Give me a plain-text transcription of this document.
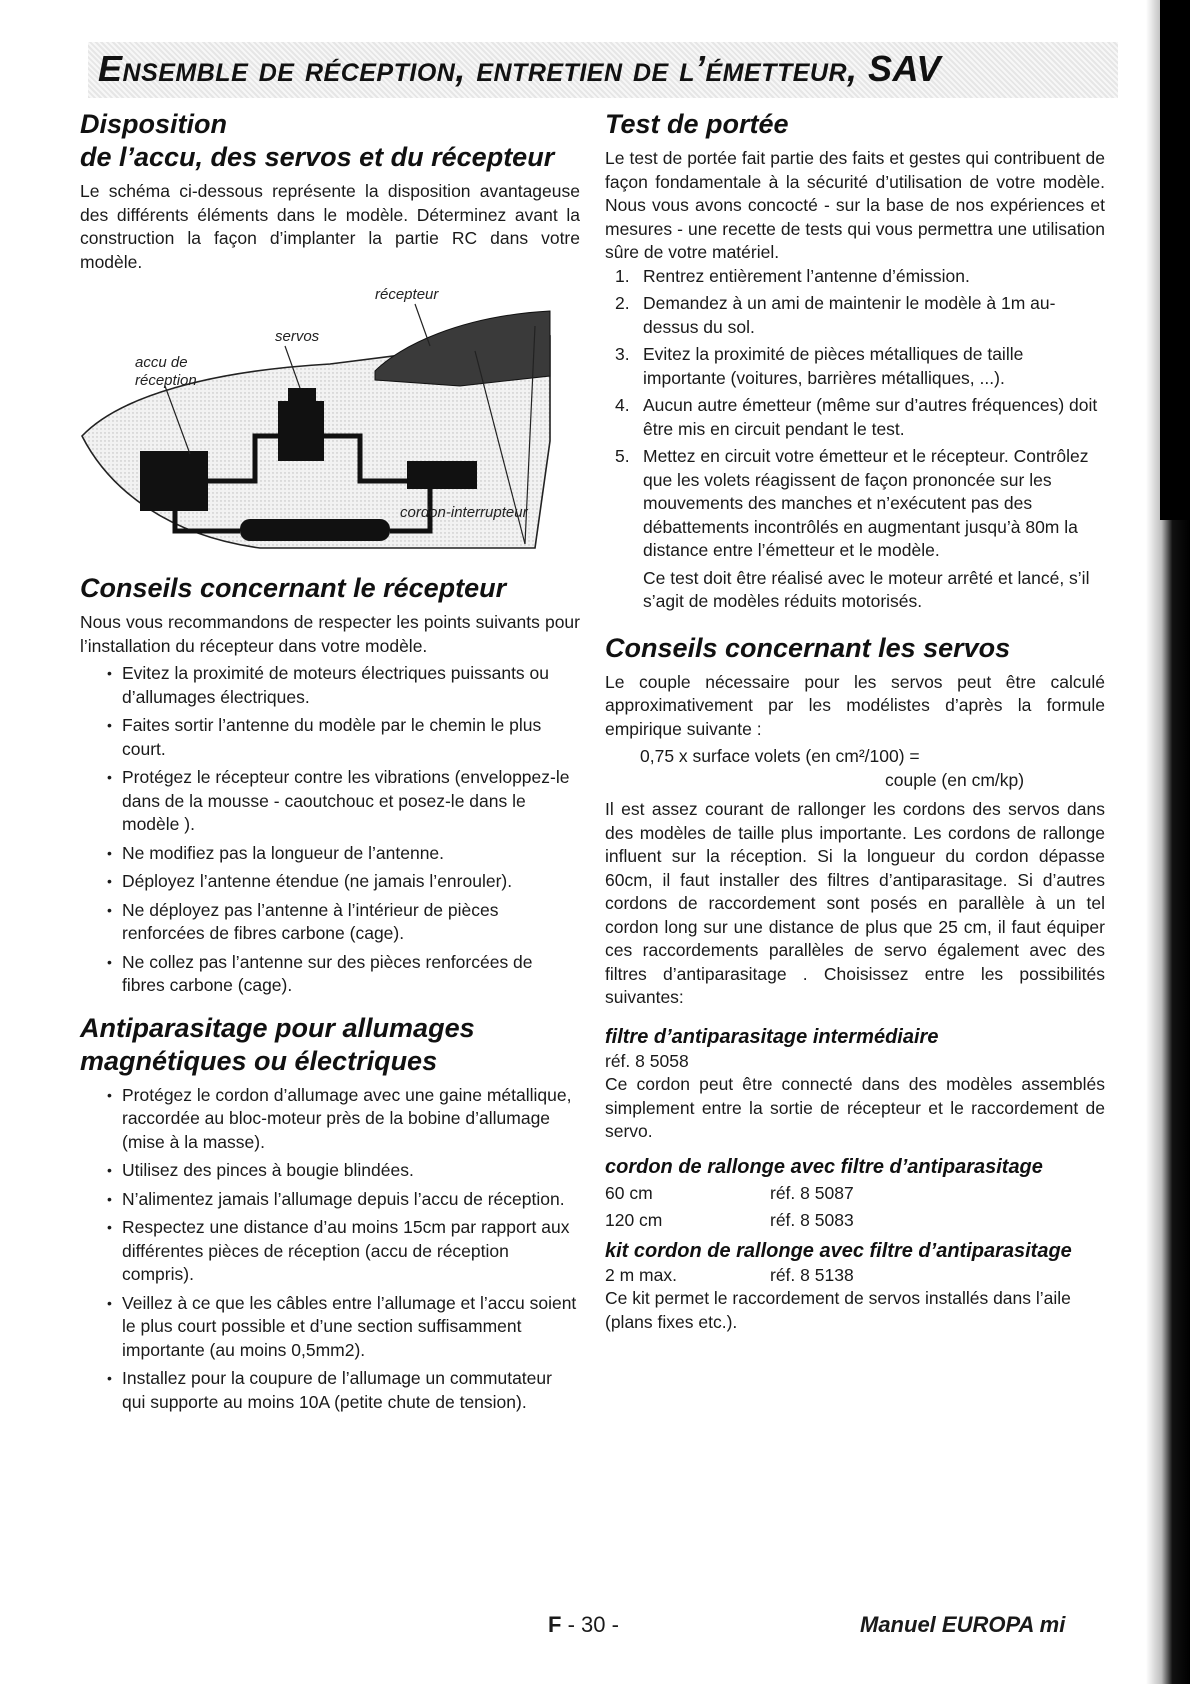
Ensemble de réception, entretien de l’émetteur, SAV
Disposition
de l’accu, des servos et du récepteur

Le schéma ci-dessous représente la disposition avantageuse des différents éléments dans le modèle. Déterminez avant la construction la façon d’implanter la partie RC dans votre modèle.

récepteur
servos
accu de
réception
cordon-interrupteur
Conseils concernant le récepteur

Nous vous recommandons de respecter les points suivants pour l’installation du récepteur dans votre modèle.

• Evitez la proximité de moteurs électriques puissants ou d’allumages électriques.
• Faites sortir l’antenne du modèle par le chemin le plus court.
• Protégez le récepteur contre les vibrations (enveloppez-le dans de la mousse - caoutchouc et posez-le dans le modèle ).
• Ne modifiez pas la longueur de l’antenne.
• Déployez l’antenne étendue (ne jamais l’enrouler).
• Ne déployez pas l’antenne à l’intérieur de pièces renforcées de fibres carbone (cage).
• Ne collez pas l’antenne sur des pièces renforcées de fibres carbone (cage).
Antiparasitage pour allumages
magnétiques ou électriques
• Protégez le cordon d’allumage avec une gaine métallique, raccordée au bloc-moteur près de la bobine d’allumage (mise à la masse).
• Utilisez des pinces à bougie blindées.
• N’alimentez jamais l’allumage depuis l’accu de réception.
• Respectez une distance d’au moins 15cm par rapport aux différentes pièces de réception (accu de réception compris).
• Veillez à ce que les câbles entre l’allumage et l’accu soient le plus court possible et d’une section suffisamment importante (au moins 0,5mm2).
• Installez pour la coupure de l’allumage un commutateur qui supporte au moins 10A (petite chute de tension).
Test de portée

Le test de portée fait partie des faits et gestes qui contribuent de façon fondamentale à la sécurité d’utilisation de votre modèle. Nous vous avons concocté - sur la base de nos expériences et mesures - une recette de tests qui vous permettra une utilisation sûre de votre matériel.

1. Rentrez entièrement l’antenne d’émission.
2. Demandez à un ami de maintenir le modèle à 1m au-dessus du sol.
3. Evitez la proximité de pièces métalliques de taille importante (voitures, barrières métalliques, ...).
4. Aucun autre émetteur (même sur d’autres fréquences) doit être mis en circuit pendant le test.
5. Mettez en circuit votre émetteur et le récepteur. Contrôlez que les volets réagissent de façon prononcée sur les mouvements des manches et n’exécutent pas des débattements incontrôlés en augmentant jusqu’à 80m la distance entre l’émetteur et le modèle.

Ce test doit être réalisé avec le moteur arrêté et lancé, s’il s’agit de modèles réduits motorisés.

Conseils concernant les servos

Le couple nécessaire pour les servos peut être calculé approximativement par les modélistes d’après la formule empirique suivante :

0,75 x surface volets (en cm²/100) =
couple (en cm/kp)

Il est assez courant de rallonger les cordons des servos dans des modèles de taille plus importante. Les cordons de rallonge influent sur la réception. Si la longueur du cordon dépasse 60cm, il faut installer des filtres d’antiparasitage. Si d’autres cordons de raccordement sont posés en parallèle à un tel cordon long sur une distance de plus que 25 cm, il faut équiper ces raccordements parallèles de servo également avec des filtres d’antiparasitage . Choisissez entre les possibilités suivantes:

filtre d’antiparasitage intermédiaire

réf. 8 5058

Ce cordon peut être connecté dans des modèles assemblés simplement entre la sortie de récepteur et le raccordement de servo.

cordon de rallonge avec filtre d’antiparasitage
60 cm	réf. 8 5087
120 cm	réf. 8 5083
kit cordon de rallonge avec filtre d’antiparasitage
2 m max.	réf. 8 5138

Ce kit permet le raccordement de servos installés dans l’aile (plans fixes etc.).

F - 30 -	Manuel EUROPA mi
